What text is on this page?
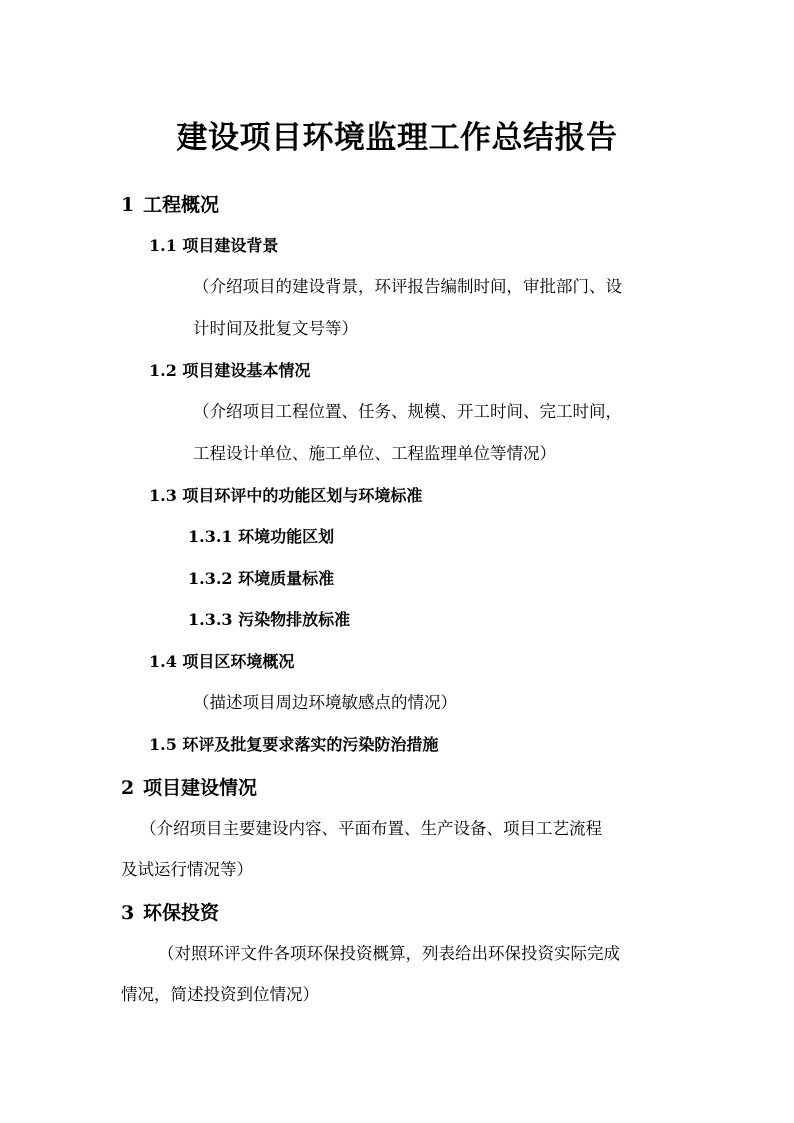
建设项目环境监理工作总结报告
1 工程概况
1.1 项目建设背景
（介绍项目的建设背景，环评报告编制时间，审批部门、设
计时间及批复文号等）
1.2 项目建设基本情况
（介绍项目工程位置、任务、规模、开工时间、完工时间，
工程设计单位、施工单位、工程监理单位等情况）
1.3 项目环评中的功能区划与环境标准
1.3.1 环境功能区划
1.3.2 环境质量标准
1.3.3 污染物排放标准
1.4 项目区环境概况
（描述项目周边环境敏感点的情况）
1.5 环评及批复要求落实的污染防治措施
2 项目建设情况
（介绍项目主要建设内容、平面布置、生产设备、项目工艺流程
及试运行情况等）
3 环保投资
（对照环评文件各项环保投资概算，列表给出环保投资实际完成
情况，简述投资到位情况）
